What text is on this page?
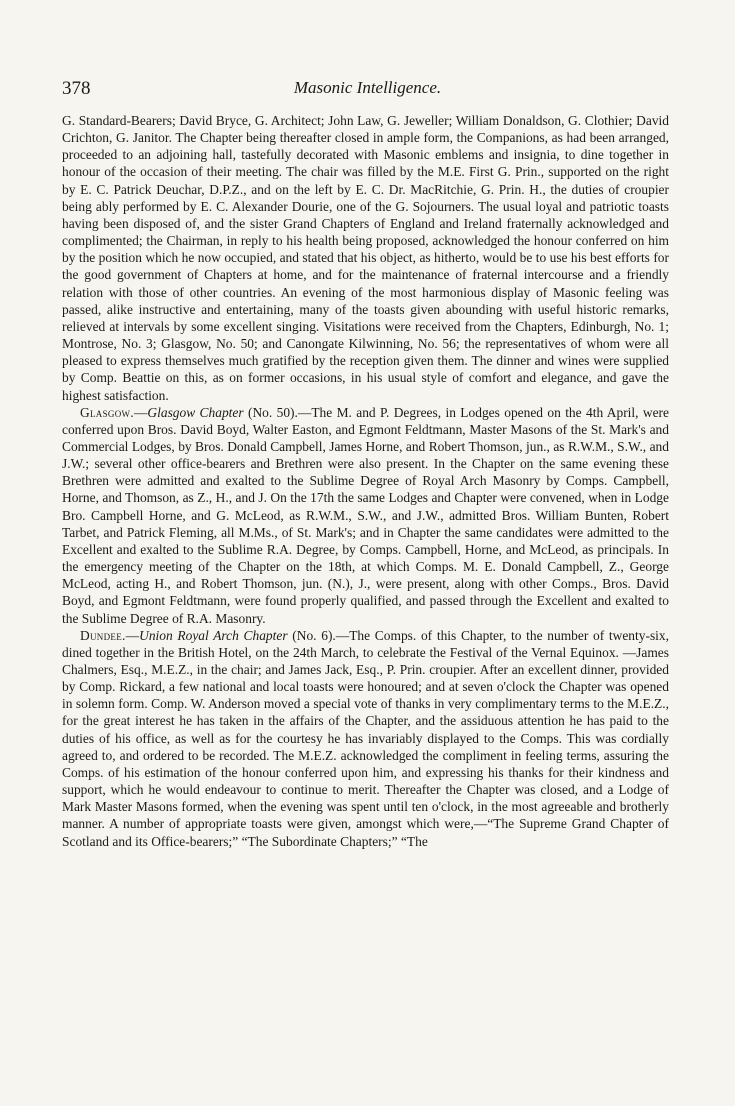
378	Masonic Intelligence.

G. Standard-Bearers; David Bryce, G. Architect; John Law, G. Jeweller; William Donaldson, G. Clothier; David Crichton, G. Janitor. The Chapter being thereafter closed in ample form, the Companions, as had been arranged, proceeded to an adjoining hall, tastefully decorated with Masonic emblems and insignia, to dine together in honour of the occasion of their meeting. The chair was filled by the M.E. First G. Prin., supported on the right by E. C. Patrick Deuchar, D.P.Z., and on the left by E. C. Dr. MacRitchie, G. Prin. H., the duties of croupier being ably performed by E. C. Alexander Dourie, one of the G. Sojourners. The usual loyal and patriotic toasts having been disposed of, and the sister Grand Chapters of England and Ireland fraternally acknowledged and complimented; the Chairman, in reply to his health being proposed, acknowledged the honour conferred on him by the position which he now occupied, and stated that his object, as hitherto, would be to use his best efforts for the good government of Chapters at home, and for the maintenance of fraternal intercourse and a friendly relation with those of other countries. An evening of the most harmonious display of Masonic feeling was passed, alike instructive and entertaining, many of the toasts given abounding with useful historic remarks, relieved at intervals by some excellent singing. Visitations were received from the Chapters, Edinburgh, No. 1; Montrose, No. 3; Glasgow, No. 50; and Canongate Kilwinning, No. 56; the representatives of whom were all pleased to express themselves much gratified by the reception given them. The dinner and wines were supplied by Comp. Beattie on this, as on former occasions, in his usual style of comfort and elegance, and gave the highest satisfaction.

Glasgow.—Glasgow Chapter (No. 50).—The M. and P. Degrees, in Lodges opened on the 4th April, were conferred upon Bros. David Boyd, Walter Easton, and Egmont Feldtmann, Master Masons of the St. Mark's and Commercial Lodges, by Bros. Donald Campbell, James Horne, and Robert Thomson, jun., as R.W.M., S.W., and J.W.; several other office-bearers and Brethren were also present. In the Chapter on the same evening these Brethren were admitted and exalted to the Sublime Degree of Royal Arch Masonry by Comps. Campbell, Horne, and Thomson, as Z., H., and J. On the 17th the same Lodges and Chapter were convened, when in Lodge Bro. Campbell Horne, and G. McLeod, as R.W.M., S.W., and J.W., admitted Bros. William Bunten, Robert Tarbet, and Patrick Fleming, all M.Ms., of St. Mark's; and in Chapter the same candidates were admitted to the Excellent and exalted to the Sublime R.A. Degree, by Comps. Campbell, Horne, and McLeod, as principals. In the emergency meeting of the Chapter on the 18th, at which Comps. M. E. Donald Campbell, Z., George McLeod, acting H., and Robert Thomson, jun. (N.), J., were present, along with other Comps., Bros. David Boyd, and Egmont Feldtmann, were found properly qualified, and passed through the Excellent and exalted to the Sublime Degree of R.A. Masonry.

Dundee.—Union Royal Arch Chapter (No. 6).—The Comps. of this Chapter, to the number of twenty-six, dined together in the British Hotel, on the 24th March, to celebrate the Festival of the Vernal Equinox. —James Chalmers, Esq., M.E.Z., in the chair; and James Jack, Esq., P. Prin. croupier. After an excellent dinner, provided by Comp. Rickard, a few national and local toasts were honoured; and at seven o'clock the Chapter was opened in solemn form. Comp. W. Anderson moved a special vote of thanks in very complimentary terms to the M.E.Z., for the great interest he has taken in the affairs of the Chapter, and the assiduous attention he has paid to the duties of his office, as well as for the courtesy he has invariably displayed to the Comps. This was cordially agreed to, and ordered to be recorded. The M.E.Z. acknowledged the compliment in feeling terms, assuring the Comps. of his estimation of the honour conferred upon him, and expressing his thanks for their kindness and support, which he would endeavour to continue to merit. Thereafter the Chapter was closed, and a Lodge of Mark Master Masons formed, when the evening was spent until ten o'clock, in the most agreeable and brotherly manner. A number of appropriate toasts were given, amongst which were,—“The Supreme Grand Chapter of Scotland and its Office-bearers;” “The Subordinate Chapters;” “The
